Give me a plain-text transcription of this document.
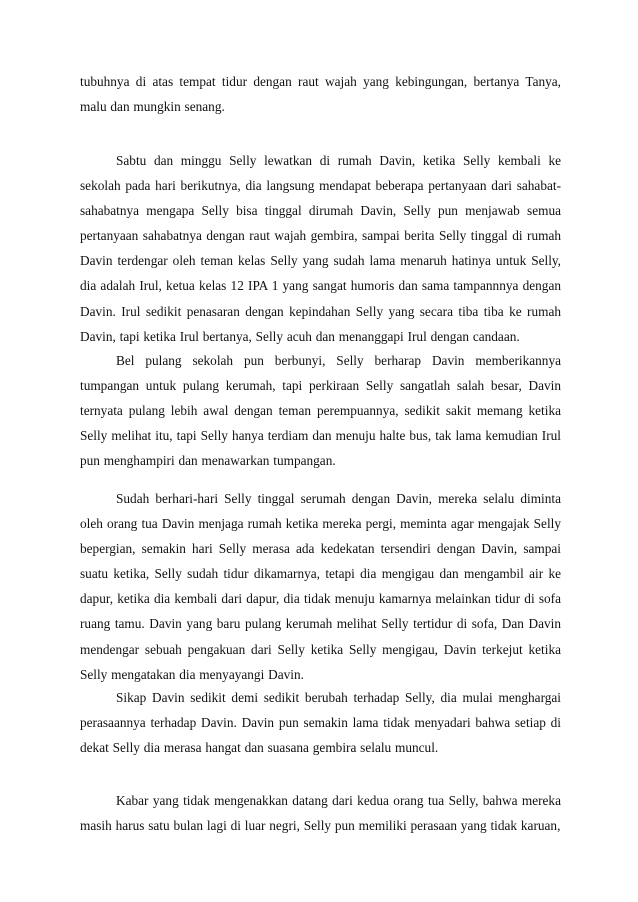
tubuhnya di atas tempat tidur dengan raut wajah yang kebingungan, bertanya Tanya, malu dan mungkin senang.

Sabtu dan minggu Selly lewatkan di rumah Davin, ketika Selly kembali ke sekolah pada hari berikutnya, dia langsung mendapat beberapa pertanyaan dari sahabat-sahabatnya mengapa Selly bisa tinggal dirumah Davin, Selly pun menjawab semua pertanyaan sahabatnya dengan raut wajah gembira, sampai berita Selly tinggal di rumah Davin terdengar oleh teman kelas Selly yang sudah lama menaruh hatinya untuk Selly, dia adalah Irul, ketua kelas 12 IPA 1 yang sangat humoris dan sama tampannnya dengan Davin. Irul sedikit penasaran dengan kepindahan Selly yang secara tiba tiba ke rumah Davin, tapi ketika Irul bertanya, Selly acuh dan menanggapi Irul dengan candaan.

Bel pulang sekolah pun berbunyi, Selly berharap Davin memberikannya tumpangan untuk pulang kerumah, tapi perkiraan Selly sangatlah salah besar, Davin ternyata pulang lebih awal dengan teman perempuannya, sedikit sakit memang ketika Selly melihat itu, tapi Selly hanya terdiam dan menuju halte bus, tak lama kemudian Irul pun menghampiri dan menawarkan tumpangan.

Sudah berhari-hari Selly tinggal serumah dengan Davin, mereka selalu diminta oleh orang tua Davin menjaga rumah ketika mereka pergi, meminta agar mengajak Selly bepergian, semakin hari Selly merasa ada kedekatan tersendiri dengan Davin, sampai suatu ketika, Selly sudah tidur dikamarnya, tetapi dia mengigau dan mengambil air ke dapur, ketika dia kembali dari dapur, dia tidak menuju kamarnya melainkan tidur di sofa ruang tamu. Davin yang baru pulang kerumah melihat Selly tertidur di sofa, Dan Davin mendengar sebuah pengakuan dari Selly ketika Selly mengigau, Davin terkejut ketika Selly mengatakan dia menyayangi Davin.

Sikap Davin sedikit demi sedikit berubah terhadap Selly, dia mulai menghargai perasaannya terhadap Davin. Davin pun semakin lama tidak menyadari bahwa setiap di dekat Selly dia merasa hangat dan suasana gembira selalu muncul.

Kabar yang tidak mengenakkan datang dari kedua orang tua Selly, bahwa mereka masih harus satu bulan lagi di luar negri, Selly pun memiliki perasaan yang tidak karuan,
